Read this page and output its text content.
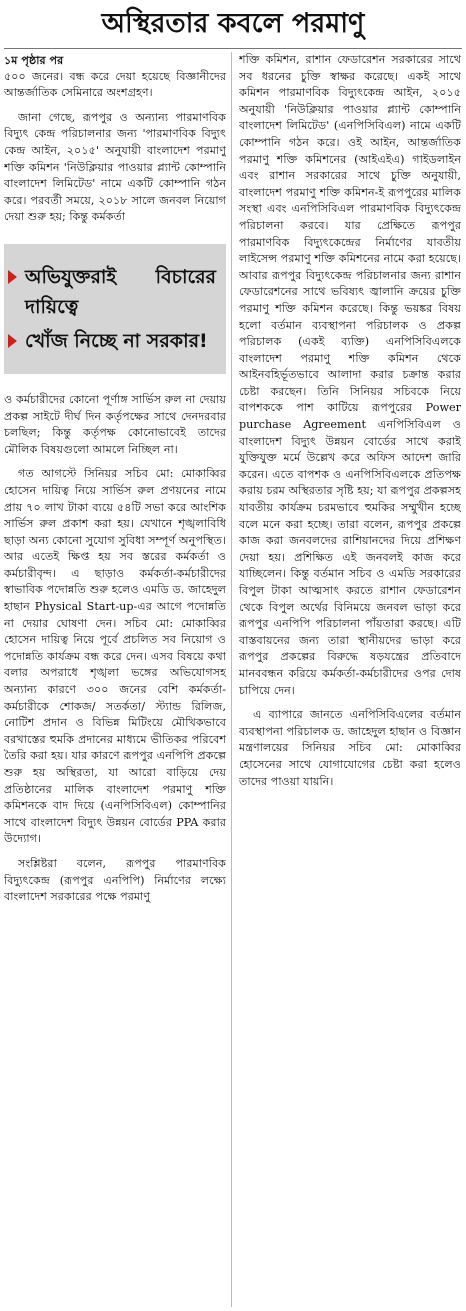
অস্থিরতার কবলে পরমাণু

১ম পৃষ্ঠার পর
৫০০ জনের। বন্ধ করে দেয়া হয়েছে বিজ্ঞানীদের আন্তর্জাতিক সেমিনারে অংশগ্রহণ।

জানা গেছে, রূপপুর ও অন্যান্য পারমাণবিক বিদ্যুৎ কেন্দ্র পরিচালনার জন্য 'পারমাণবিক বিদ্যুৎ কেন্দ্র আইন, ২০১৫' অনুযায়ী বাংলাদেশ পরমাণু শক্তি কমিশন 'নিউক্লিয়ার পাওয়ার প্ল্যান্ট কোম্পানি বাংলাদেশ লিমিটেড' নামে একটি কোম্পানি গঠন করে। পরবর্তী সময়ে, ২০১৮ সালে জনবল নিয়োগ দেয়া শুরু হয়; কিন্তু কর্মকর্তা

অভিযুক্তরাই বিচারের দায়িত্বে
খোঁজ নিচ্ছে না সরকার!

ও কর্মচারীদের কোনো পূর্ণাঙ্গ সার্ভিস রুল না দেয়ায় প্রকল্প সাইটে দীর্ঘ দিন কর্তৃপক্ষের সাথে দেনদরবার চলছিল; কিন্তু কর্তৃপক্ষ কোনোভাবেই তাদের মৌলিক বিষয়গুলো আমলে নিচ্ছিল না।

গত আগস্টে সিনিয়র সচিব মো: মোকাব্বির হোসেন দায়িত্ব নিয়ে সার্ভিস রুল প্রণয়নের নামে প্রায় ৭০ লাখ টাকা ব্যয়ে ৫৪টি সভা করে আংশিক সার্ভিস রুল প্রকাশ করা হয়। যেখানে শৃঙ্খলাবিধি ছাড়া অন্য কোনো সুযোগ সুবিধা সম্পূর্ণ অনুপস্থিত। আর এতেই ক্ষিপ্ত হয় সব স্তরের কর্মকর্তা ও কর্মচারীবৃন্দ। এ ছাড়াও কর্মকর্তা-কর্মচারীদের স্বাভাবিক পদোন্নতি শুরু হলেও এমডি ড. জাহেদুল হাছান Physical Start-up-এর আগে পদোন্নতি না দেয়ার ঘোষণা দেন। সচিব মো: মোকাব্বির হোসেন দায়িত্ব নিয়ে পূর্বে প্রচলিত সব নিয়োগ ও পদোন্নতি কার্যক্রম বন্ধ করে দেন। এসব বিষয়ে কথা বলার অপরাধে শৃঙ্খলা ভঙ্গের অভিযোগসহ অন্যান্য কারণে ৩০০ জনের বেশি কর্মকর্তা-কর্মচারীকে শোকজ/ সতর্কতা/ স্ট্যান্ড রিলিজ, নোটিশ প্রদান ও বিভিন্ন মিটিংয়ে মৌখিকভাবে বরখাস্তের হুমকি প্রদানের মাধ্যমে ভীতিকর পরিবেশ তৈরি করা হয়। যার কারণে রূপপুর এনপিপি প্রকল্পে শুরু হয় অস্থিরতা, যা আরো বাড়িয়ে দেয় প্রতিষ্ঠানের মালিক বাংলাদেশ পরমাণু শক্তি কমিশনকে বাদ দিয়ে (এনপিসিবিএল) কোম্পানির সাথে বাংলাদেশ বিদ্যুৎ উন্নয়ন বোর্ডের PPA করার উদ্যোগ।

সংশ্লিষ্টরা বলেন, রূপপুর পারমাণবিক বিদ্যুৎকেন্দ্র (রূপপুর এনপিপি) নির্মাণের লক্ষ্যে বাংলাদেশ সরকারের পক্ষে পরমাণু

শক্তি কমিশন, রাশান ফেডারেশন সরকারের সাথে সব ধরনের চুক্তি স্বাক্ষর করেছে। একই সাথে কমিশন পারমাণবিক বিদ্যুৎকেন্দ্র আইন, ২০১৫ অনুযায়ী 'নিউক্লিয়ার পাওয়ার প্ল্যান্ট কোম্পানি বাংলাদেশ লিমিটেড' (এনপিসিবিএল) নামে একটি কোম্পানি গঠন করে। ওই আইন, আন্তর্জাতিক পরমাণু শক্তি কমিশনের (আইএইএ) গাইডলাইন এবং রাশান সরকারের সাথে চুক্তি অনুযায়ী, বাংলাদেশ পরমাণু শক্তি কমিশন-ই রূপপুরের মালিক সংস্থা এবং এনপিসিবিএল পারমাণবিক বিদ্যুৎকেন্দ্র পরিচালনা করবে। যার প্রেক্ষিতে রূপপুর পারমাণবিক বিদ্যুৎকেন্দ্রের নির্মাণের যাবতীয় লাইসেন্স পরমাণু শক্তি কমিশনের নামে করা হয়েছে। আবার রূপপুর বিদ্যুৎকেন্দ্র পরিচালনার জন্য রাশান ফেডারেশনের সাথে ভবিষ্যৎ জ্বালানি ক্রয়ের চুক্তি পরমাণু শক্তি কমিশন করেছে। কিন্তু ভয়ঙ্কর বিষয় হলো বর্তমান ব্যবস্থাপনা পরিচালক ও প্রকল্প পরিচালক (একই ব্যক্তি) এনপিসিবিএলকে বাংলাদেশ পরমাণু শক্তি কমিশন থেকে আইনবহির্ভূতভাবে আলাদা করার চক্রান্ত করার চেষ্টা করছেন। তিনি সিনিয়র সচিবকে নিয়ে বাপশককে পাশ কাটিয়ে রূপপুরের Power purchase Agreement এনপিসিবিএল ও বাংলাদেশ বিদ্যুৎ উন্নয়ন বোর্ডের সাথে করাই যুক্তিযুক্ত মর্মে উল্লেখ করে অফিস আদেশ জারি করেন। এতে বাপশক ও এনপিসিবিএলকে প্রতিপক্ষ করায় চরম অস্থিরতার সৃষ্টি হয়; যা রূপপুর প্রকল্পসহ যাবতীয় কার্যক্রম চরমভাবে হুমকির সম্মুখীন হচ্ছে বলে মনে করা হচ্ছে। তারা বলেন, রূপপুর প্রকল্পে কাজ করা জনবলদের রাশিয়ানদের দিয়ে প্রশিক্ষণ দেয়া হয়। প্রশিক্ষিত এই জনবলই কাজ করে যাচ্ছিলেন। কিন্তু বর্তমান সচিব ও এমডি সরকারের বিপুল টাকা আত্মসাৎ করতে রাশান ফেডারেশন থেকে বিপুল অর্থের বিনিময়ে জনবল ভাড়া করে রূপপুর এনপিপি পরিচালনা পাঁয়তারা করছে। এটি বাস্তবায়নের জন্য তারা স্থানীয়দের ভাড়া করে রূপপুর প্রকল্পের বিরুদ্ধে ষড়যন্ত্রের প্রতিবাদে মানববন্ধন করিয়ে কর্মকর্তা-কর্মচারীদের ওপর দোষ চাপিয়ে দেন।

এ ব্যাপারে জানতে এনপিসিবিএলের বর্তমান ব্যবস্থাপনা পরিচালক ড. জাহেদুল হাছান ও বিজ্ঞান মন্ত্রণালয়ের সিনিয়র সচিব মো: মোকাব্বির হোসেনের সাথে যোগাযোগের চেষ্টা করা হলেও তাদের পাওয়া যায়নি।
